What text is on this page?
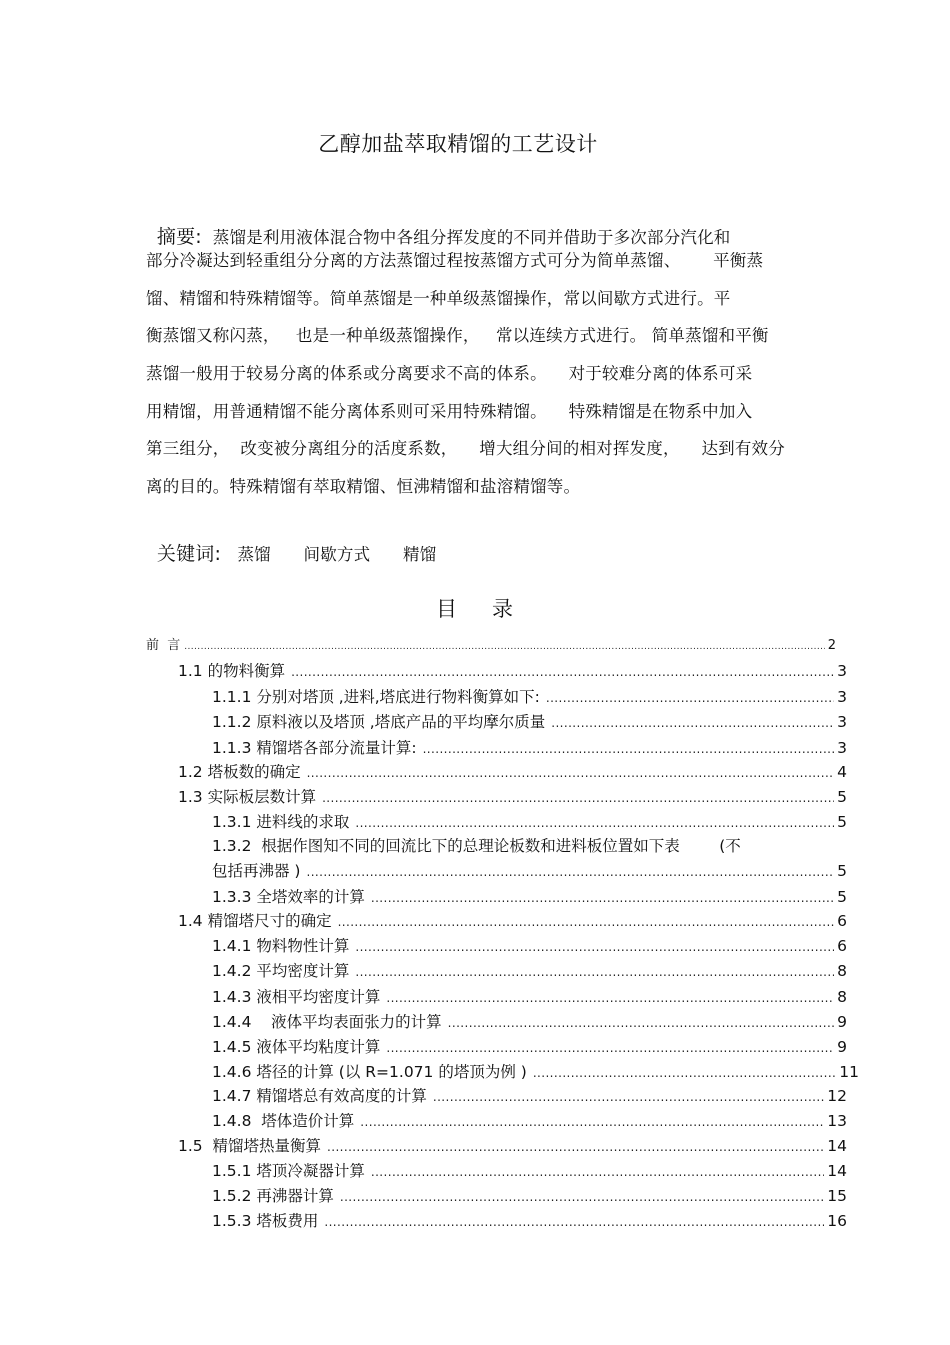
乙醇加盐萃取精馏的工艺设计

摘要: 蒸馏是利用液体混合物中各组分挥发度的不同并借助于多次部分汽化和

部分冷凝达到轻重组分分离的方法蒸馏过程按蒸馏方式可分为简单蒸馏、      平衡蒸
馏、精馏和特殊精馏等。简单蒸馏是一种单级蒸馏操作，常以间歇方式进行。平
衡蒸馏又称闪蒸，   也是一种单级蒸馏操作，   常以连续方式进行。 简单蒸馏和平衡
蒸馏一般用于较易分离的体系或分离要求不高的体系。    对于较难分离的体系可采
用精馏，用普通精馏不能分离体系则可采用特殊精馏。    特殊精馏是在物系中加入
第三组分，  改变被分离组分的活度系数，    增大组分间的相对挥发度，    达到有效分
离的目的。特殊精馏有萃取精馏、恒沸精馏和盐溶精馏等。

关键词: 蒸馏 间歇方式 精馏

目 录
前  言 .....	2
1.1 的物料衡算 .....	3
1.1.1 分别对塔顶 ,进料,塔底进行物料衡算如下: .....	3
1.1.2 原料液以及塔顶 ,塔底产品的平均摩尔质量 .....	3
1.1.3 精馏塔各部分流量计算: .....	3
1.2 塔板数的确定 .....	4
1.3 实际板层数计算 .....	5
1.3.1 进料线的求取 .....	5
1.3.2  根据作图知不同的回流比下的总理论板数和进料板位置如下表        (不
包括再沸器 ) .....	5
1.3.3 全塔效率的计算 .....	5
1.4 精馏塔尺寸的确定 .....	6
1.4.1 物料物性计算 .....	6
1.4.2 平均密度计算 .....	8
1.4.3 液相平均密度计算 .....	8
1.4.4    液体平均表面张力的计算 .....	9
1.4.5 液体平均粘度计算 .....	9
1.4.6 塔径的计算 (以 R=1.071 的塔顶为例 ) .....	11
1.4.7 精馏塔总有效高度的计算 .....	12
1.4.8  塔体造价计算 .....	13
1.5  精馏塔热量衡算 .....	14
1.5.1 塔顶冷凝器计算 .....	14
1.5.2 再沸器计算 .....	15
1.5.3 塔板费用 .....	16
